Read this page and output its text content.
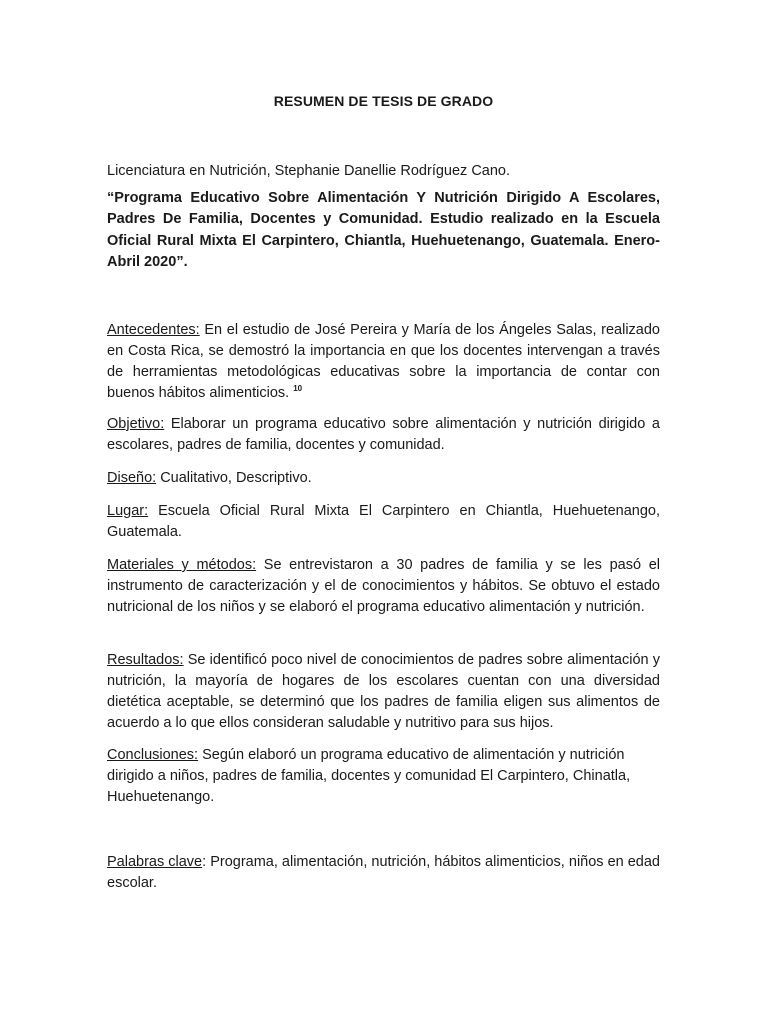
RESUMEN DE TESIS DE GRADO
Licenciatura en Nutrición, Stephanie Danellie Rodríguez Cano.
“Programa Educativo Sobre Alimentación Y Nutrición Dirigido A Escolares, Padres De Familia, Docentes y Comunidad. Estudio realizado en la Escuela Oficial Rural Mixta El Carpintero, Chiantla, Huehuetenango, Guatemala. Enero- Abril 2020”.
Antecedentes: En el estudio de José Pereira y María de los Ángeles Salas, realizado en Costa Rica, se demostró la importancia en que los docentes intervengan a través de herramientas metodológicas educativas sobre la importancia de contar con buenos hábitos alimenticios. $^{10}$
Objetivo: Elaborar un programa educativo sobre alimentación y nutrición dirigido a escolares, padres de familia, docentes y comunidad.
Diseño: Cualitativo, Descriptivo.
Lugar: Escuela Oficial Rural Mixta El Carpintero en Chiantla, Huehuetenango, Guatemala.
Materiales y métodos: Se entrevistaron a 30 padres de familia y se les pasó el instrumento de caracterización y el de conocimientos y hábitos. Se obtuvo el estado nutricional de los niños y se elaboró el programa educativo alimentación y nutrición.
Resultados: Se identificó poco nivel de conocimientos de padres sobre alimentación y nutrición, la mayoría de hogares de los escolares cuentan con una diversidad dietética aceptable, se determinó que los padres de familia eligen sus alimentos de acuerdo a lo que ellos consideran saludable y nutritivo para sus hijos.
Conclusiones: Según elaboró un programa educativo de alimentación y nutrición dirigido a niños, padres de familia, docentes y comunidad El Carpintero, Chinatla, Huehuetenango.
Palabras clave: Programa, alimentación, nutrición, hábitos alimenticios, niños en edad escolar.
